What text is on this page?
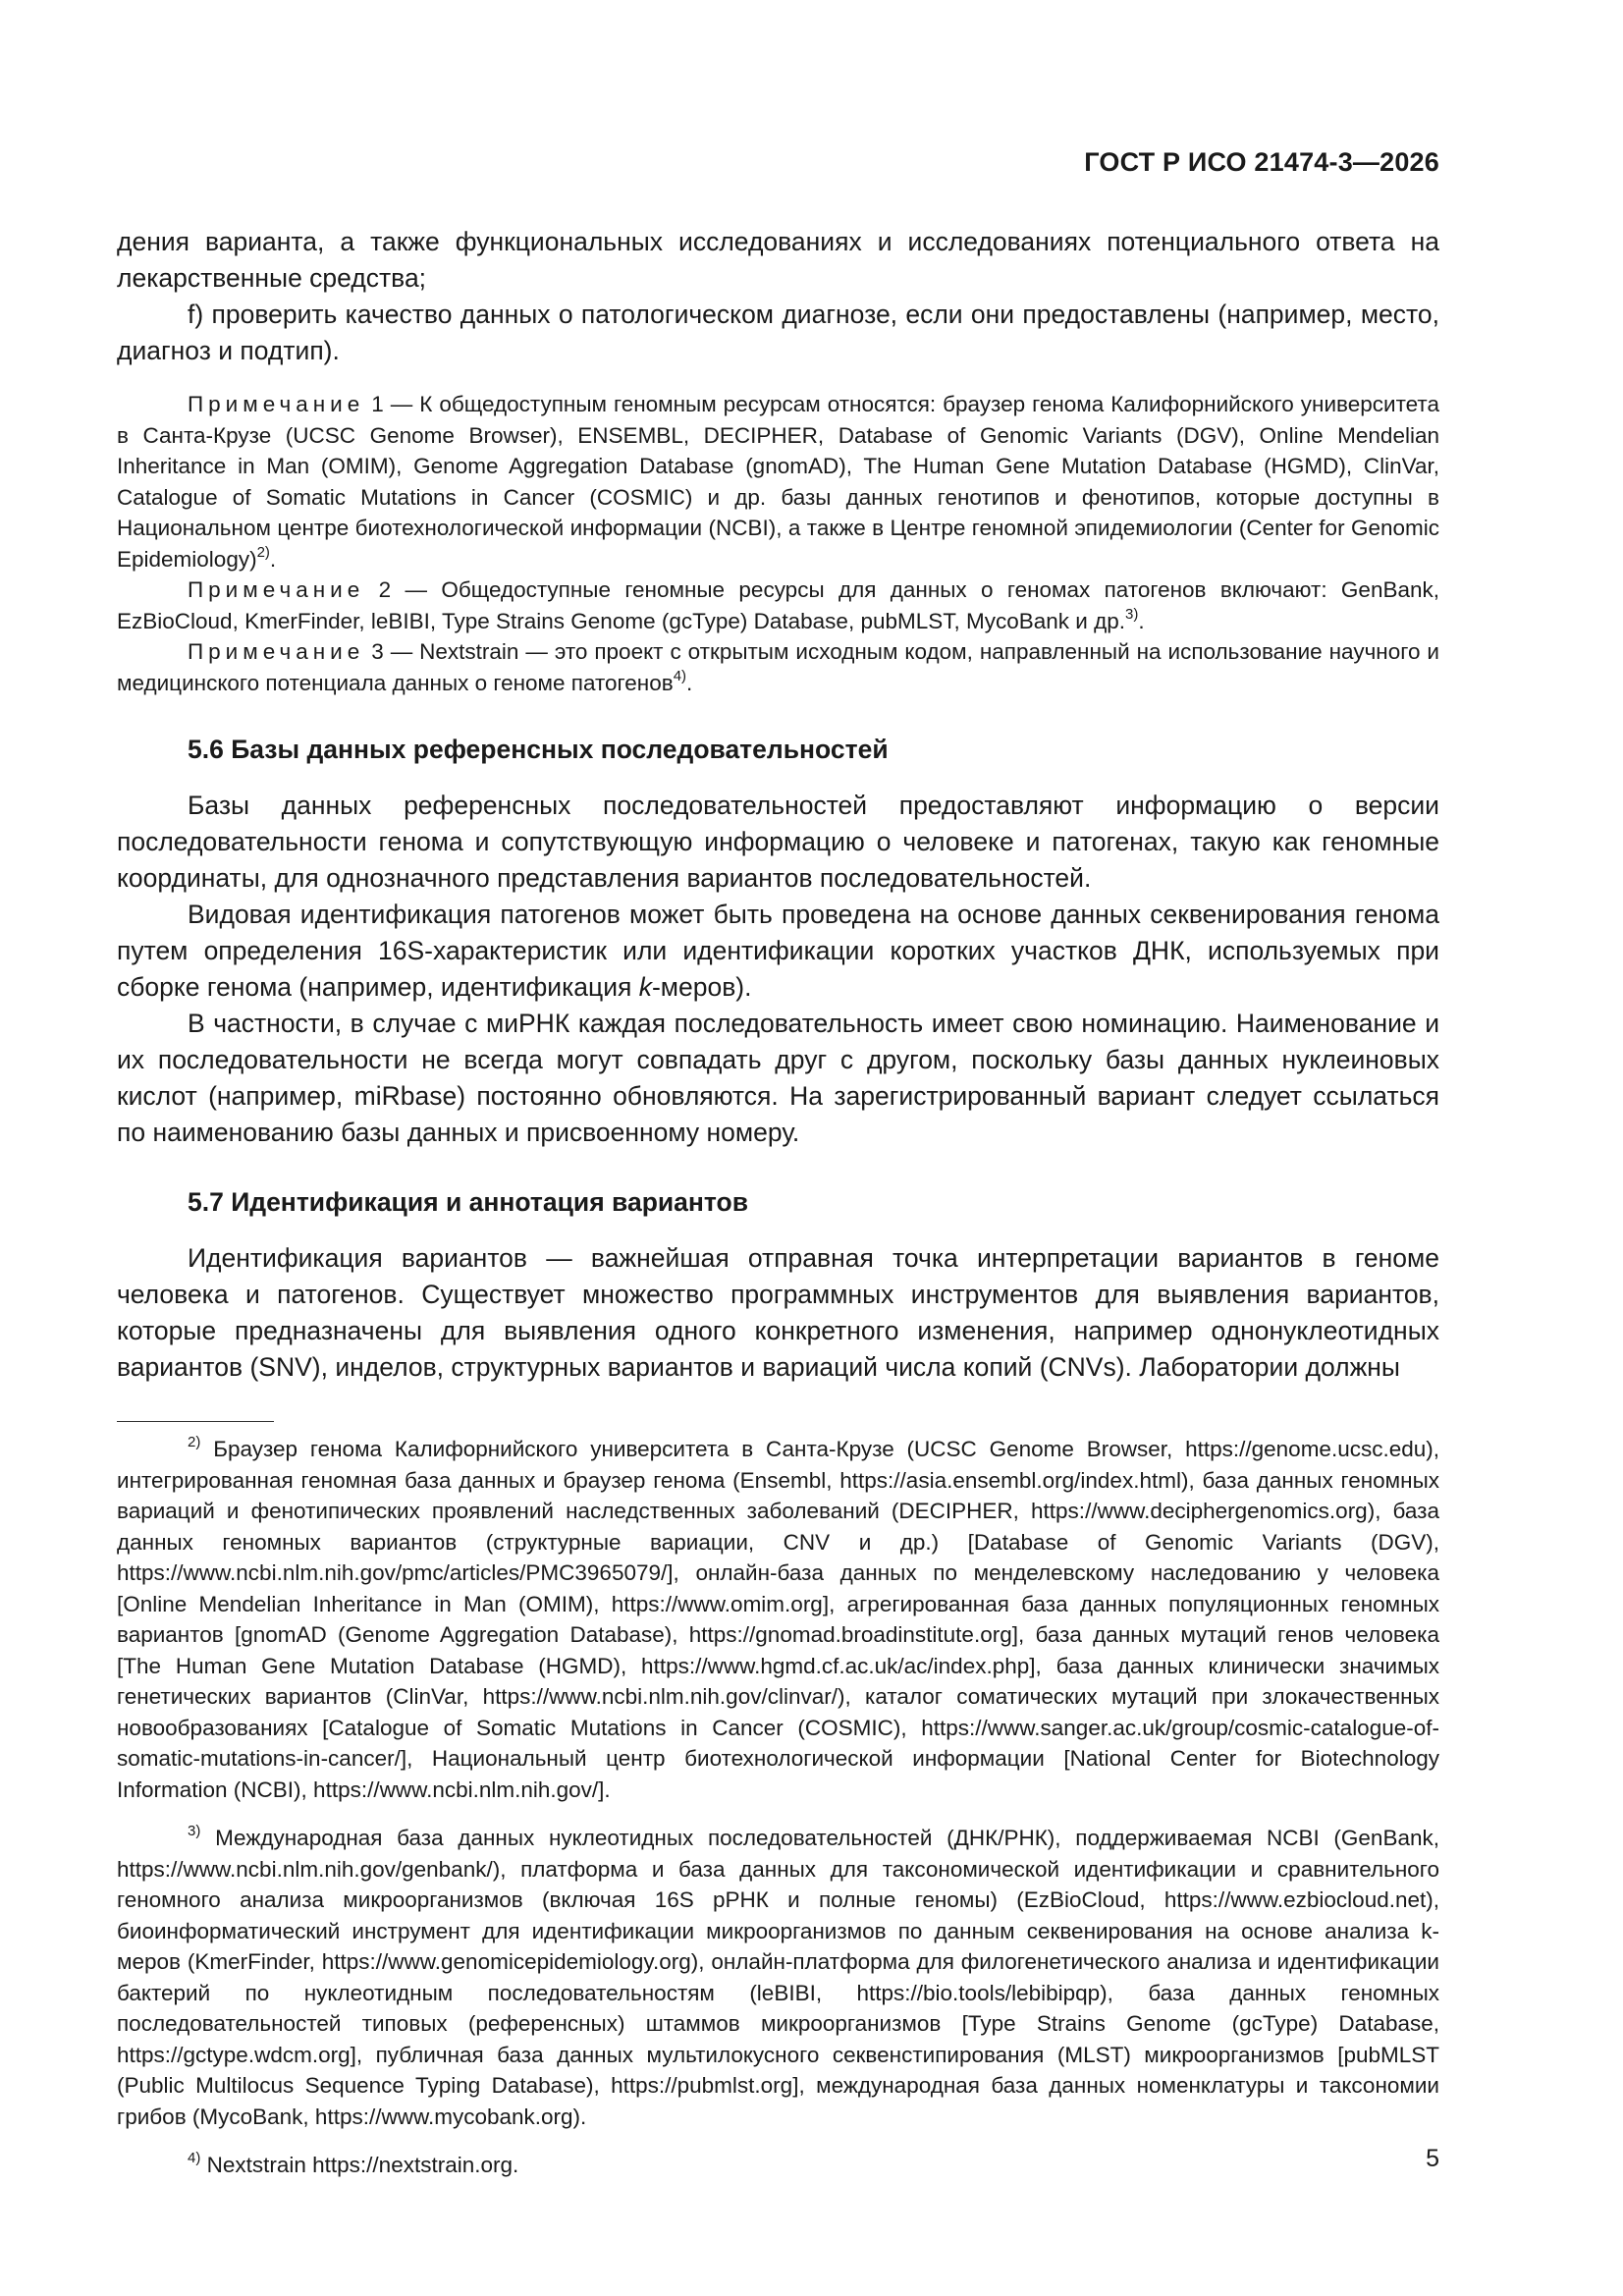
ГОСТ Р ИСО 21474-3—2026

дения варианта, а также функциональных исследованиях и исследованиях потенциального ответа на лекарственные средства;

f) проверить качество данных о патологическом диагнозе, если они предоставлены (например, место, диагноз и подтип).

Примечание 1 — К общедоступным геномным ресурсам относятся: браузер генома Калифорнийского университета в Санта-Крузе (UCSC Genome Browser), ENSEMBL, DECIPHER, Database of Genomic Variants (DGV), Online Mendelian Inheritance in Man (OMIM), Genome Aggregation Database (gnomAD), The Human Gene Mutation Database (HGMD), ClinVar, Catalogue of Somatic Mutations in Cancer (COSMIC) и др. базы данных генотипов и фенотипов, которые доступны в Национальном центре биотехнологической информации (NCBI), а также в Центре геномной эпидемиологии (Center for Genomic Epidemiology)$^{2)}$.

Примечание 2 — Общедоступные геномные ресурсы для данных о геномах патогенов включают: GenBank, EzBioCloud, KmerFinder, leBIBI, Type Strains Genome (gcType) Database, pubMLST, MycoBank и др.$^{3)}$.

Примечание 3 — Nextstrain — это проект с открытым исходным кодом, направленный на использование научного и медицинского потенциала данных о геноме патогенов$^{4)}$.

5.6 Базы данных референсных последовательностей

Базы данных референсных последовательностей предоставляют информацию о версии последовательности генома и сопутствующую информацию о человеке и патогенах, такую как геномные координаты, для однозначного представления вариантов последовательностей.

Видовая идентификация патогенов может быть проведена на основе данных секвенирования генома путем определения 16S-характеристик или идентификации коротких участков ДНК, используемых при сборке генома (например, идентификация k-меров).

В частности, в случае с миРНК каждая последовательность имеет свою номинацию. Наименование и их последовательности не всегда могут совпадать друг с другом, поскольку базы данных нуклеиновых кислот (например, miRbase) постоянно обновляются. На зарегистрированный вариант следует ссылаться по наименованию базы данных и присвоенному номеру.

5.7 Идентификация и аннотация вариантов

Идентификация вариантов — важнейшая отправная точка интерпретации вариантов в геноме человека и патогенов. Существует множество программных инструментов для выявления вариантов, которые предназначены для выявления одного конкретного изменения, например однонуклеотидных вариантов (SNV), инделов, структурных вариантов и вариаций числа копий (CNVs). Лаборатории должны

$^{2)}$ Браузер генома Калифорнийского университета в Санта-Крузе (UCSC Genome Browser, https://genome.ucsc.edu), интегрированная геномная база данных и браузер генома (Ensembl, https://asia.ensembl.org/index.html), база данных геномных вариаций и фенотипических проявлений наследственных заболеваний (DECIPHER, https://www.deciphergenomics.org), база данных геномных вариантов (структурные вариации, CNV и др.) [Database of Genomic Variants (DGV), https://www.ncbi.nlm.nih.gov/pmc/articles/PMC3965079/], онлайн-база данных по менделевскому наследованию у человека [Online Mendelian Inheritance in Man (OMIM), https://www.omim.org], агрегированная база данных популяционных геномных вариантов [gnomAD (Genome Aggregation Database), https://gnomad.broadinstitute.org], база данных мутаций генов человека [The Human Gene Mutation Database (HGMD), https://www.hgmd.cf.ac.uk/ac/index.php], база данных клинически значимых генетических вариантов (ClinVar, https://www.ncbi.nlm.nih.gov/clinvar/), каталог соматических мутаций при злокачественных новообразованиях [Catalogue of Somatic Mutations in Cancer (COSMIC), https://www.sanger.ac.uk/group/cosmic-catalogue-of-somatic-mutations-in-cancer/], Национальный центр биотехнологической информации [National Center for Biotechnology Information (NCBI), https://www.ncbi.nlm.nih.gov/].

$^{3)}$ Международная база данных нуклеотидных последовательностей (ДНК/РНК), поддерживаемая NCBI (GenBank, https://www.ncbi.nlm.nih.gov/genbank/), платформа и база данных для таксономической идентификации и сравнительного геномного анализа микроорганизмов (включая 16S рРНК и полные геномы) (EzBioCloud, https://www.ezbiocloud.net), биоинформатический инструмент для идентификации микроорганизмов по данным секвенирования на основе анализа k-меров (KmerFinder, https://www.genomicepidemiology.org), онлайн-платформа для филогенетического анализа и идентификации бактерий по нуклеотидным последовательностям (leBIBI, https://bio.tools/lebibipqp), база данных геномных последовательностей типовых (референсных) штаммов микроорганизмов [Type Strains Genome (gcType) Database, https://gctype.wdcm.org], публичная база данных мультилокусного секвенстипирования (MLST) микроорганизмов [pubMLST (Public Multilocus Sequence Typing Database), https://pubmlst.org], международная база данных номенклатуры и таксономии грибов (MycoBank, https://www.mycobank.org).

$^{4)}$ Nextstrain https://nextstrain.org.	5
